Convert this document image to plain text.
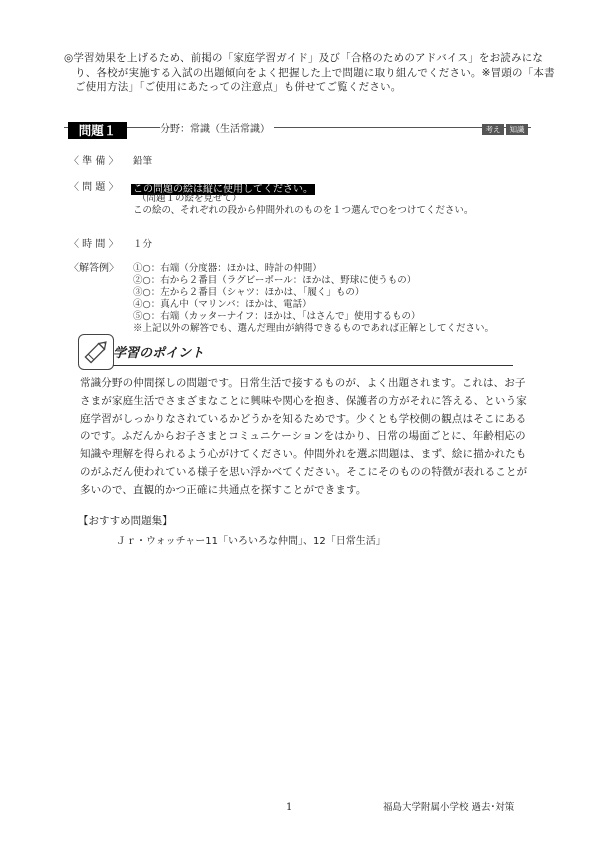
◎学習効果を上げるため、前掲の「家庭学習ガイド」及び「合格のためのアドバイス」をお読みになり、各校が実施する入試の出題傾向をよく把握した上で問題に取り組んでください。※冒頭の「本書ご使用方法」「ご使用にあたっての注意点」も併せてご覧ください。
問題１	分野：常識（生活常識）	考え	知識
〈 準 備 〉 鉛筆
〈 問 題 〉 この問題の絵は縦に使用してください。
（問題１の絵を見せて）
この絵の、それぞれの段から仲間外れのものを１つ選んで○をつけてください。
〈 時 間 〉 １分
〈解答例〉 ①○：右端（分度器：ほかは、時計の仲間）
②○：右から２番目（ラグビーボール：ほかは、野球に使うもの）
③○：左から２番目（シャツ：ほかは、「履く」もの）
④○：真ん中（マリンバ：ほかは、電話）
⑤○：右端（カッターナイフ：ほかは、「はさんで」使用するもの）
※上記以外の解答でも、選んだ理由が納得できるものであれば正解としてください。
学習のポイント
常識分野の仲間探しの問題です。日常生活で接するものが、よく出題されます。これは、お子さまが家庭生活でさまざまなことに興味や関心を抱き、保護者の方がそれに答える、という家庭学習がしっかりなされているかどうかを知るためです。少くとも学校側の観点はそこにあるのです。ふだんからお子さまとコミュニケーションをはかり、日常の場面ごとに、年齢相応の知識や理解を得られるよう心がけてください。仲間外れを選ぶ問題は、まず、絵に描かれたものがふだん使われている様子を思い浮かべてください。そこにそのものの特徴が表れることが多いので、直観的かつ正確に共通点を探すことができます。
【おすすめ問題集】
Ｊｒ・ウォッチャー11「いろいろな仲間」、12「日常生活」
1	福島大学附属小学校 過去･対策
